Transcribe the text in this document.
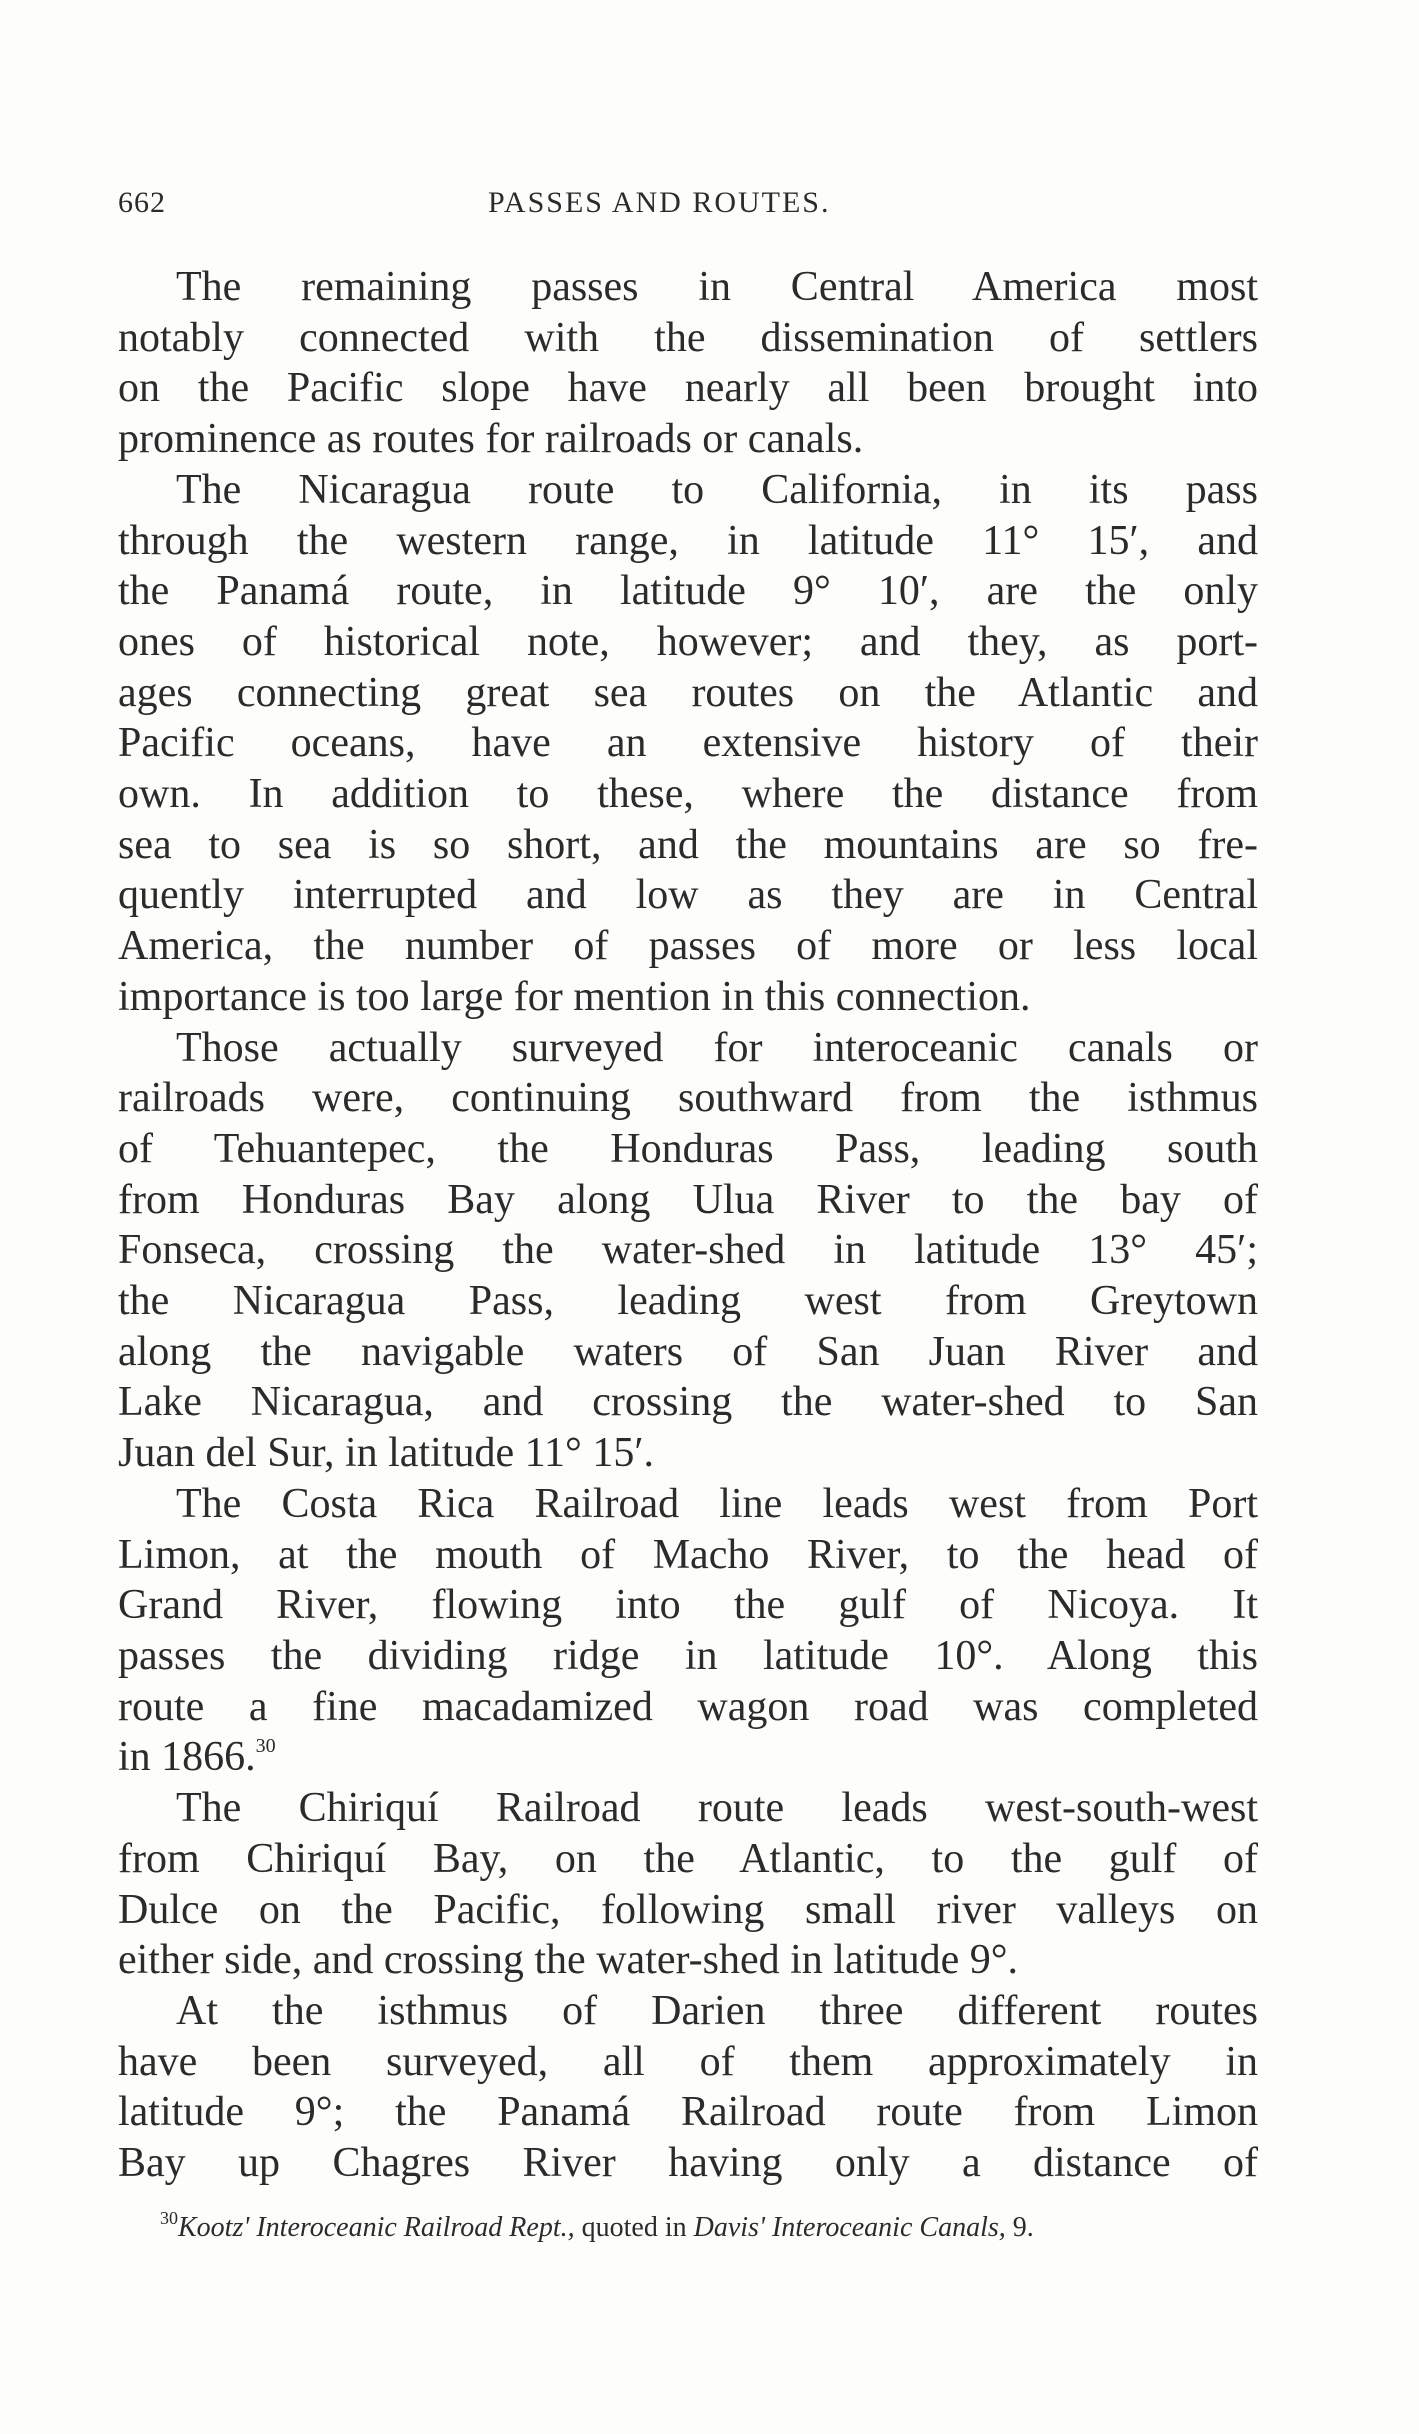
662	PASSES AND ROUTES.

The remaining passes in Central America most
notably connected with the dissemination of settlers
on the Pacific slope have nearly all been brought into
prominence as routes for railroads or canals.

The Nicaragua route to California, in its pass
through the western range, in latitude 11° 15′, and
the Panamá route, in latitude 9° 10′, are the only
ones of historical note, however; and they, as port-
ages connecting great sea routes on the Atlantic and
Pacific oceans, have an extensive history of their
own. In addition to these, where the distance from
sea to sea is so short, and the mountains are so fre-
quently interrupted and low as they are in Central
America, the number of passes of more or less local
importance is too large for mention in this connection.

Those actually surveyed for interoceanic canals or
railroads were, continuing southward from the isthmus
of Tehuantepec, the Honduras Pass, leading south
from Honduras Bay along Ulua River to the bay of
Fonseca, crossing the water-shed in latitude 13° 45′;
the Nicaragua Pass, leading west from Greytown
along the navigable waters of San Juan River and
Lake Nicaragua, and crossing the water-shed to San
Juan del Sur, in latitude 11° 15′.

The Costa Rica Railroad line leads west from Port
Limon, at the mouth of Macho River, to the head of
Grand River, flowing into the gulf of Nicoya. It
passes the dividing ridge in latitude 10°. Along this
route a fine macadamized wagon road was completed
in 1866.30

The Chiriquí Railroad route leads west-south-west
from Chiriquí Bay, on the Atlantic, to the gulf of
Dulce on the Pacific, following small river valleys on
either side, and crossing the water-shed in latitude 9°.

At the isthmus of Darien three different routes
have been surveyed, all of them approximately in
latitude 9°; the Panamá Railroad route from Limon
Bay up Chagres River having only a distance of

$^{30}$Kootz' Interoceanic Railroad Rept., quoted in Davis' Interoceanic Canals, 9.
